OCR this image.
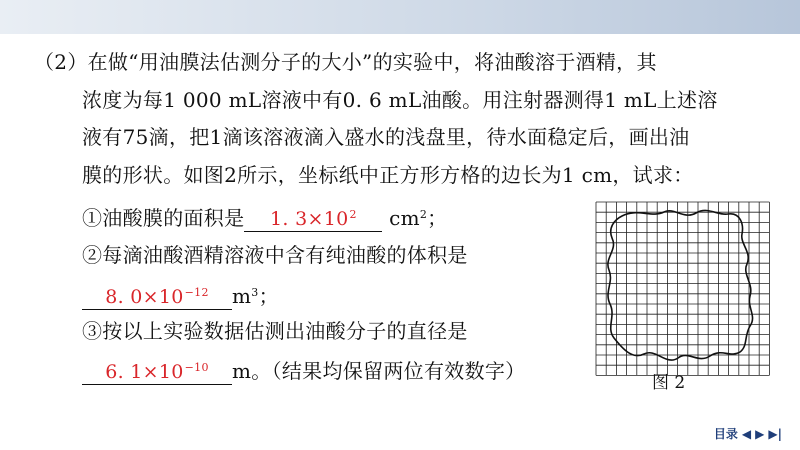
（2）在做“用油膜法估测分子的大小”的实验中，将油酸溶于酒精，其
浓度为每1 000 mL溶液中有0. 6 mL油酸。用注射器测得1 mL上述溶
液有75滴，把1滴该溶液滴入盛水的浅盘里，待水面稳定后，画出油
膜的形状。如图2所示，坐标纸中正方形方格的边长为1 cm，试求：
①油酸膜的面积是 1. $3\times 10^2$ $cm^2$；
②每滴油酸酒精溶液中含有纯油酸的体积是
8. $0\times 10^{-12}$ $m^3$；
③按以上实验数据估测出油酸分子的直径是
6. $1\times 10^{-10}$ m。（结果均保留两位有效数字）	图 2
目录 ◀ ▶ ▶|
